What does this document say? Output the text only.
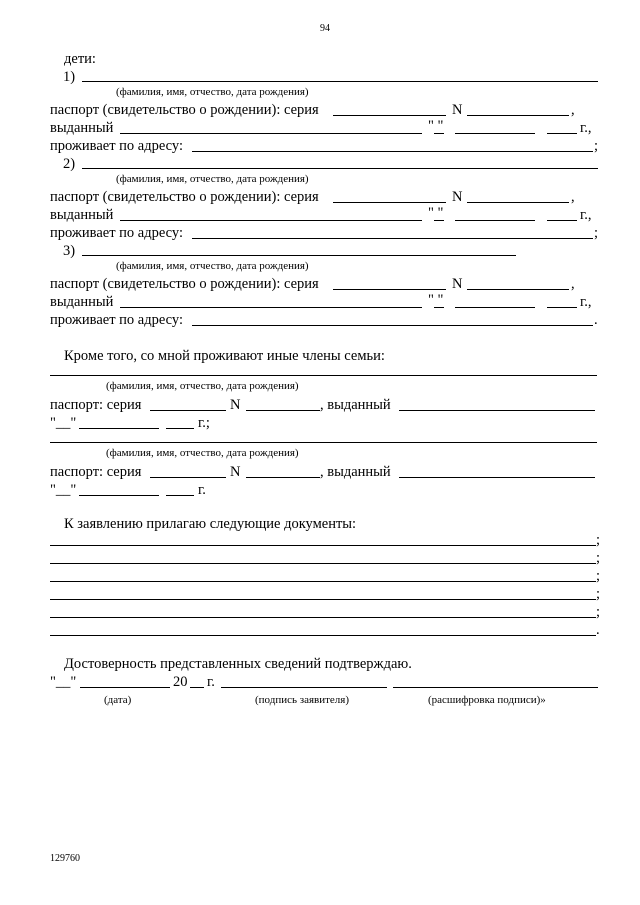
94
дети:
1)
(фамилия, имя, отчество, дата рождения)
паспорт (свидетельство о рождении): серия	N	,
выданный	" "	г.,
проживает по адресу:	;
2)
(фамилия, имя, отчество, дата рождения)
паспорт (свидетельство о рождении): серия	N	,
выданный	" "	г.,
проживает по адресу:	;
3)
(фамилия, имя, отчество, дата рождения)
паспорт (свидетельство о рождении): серия	N	,
выданный	" "	г.,
проживает по адресу:	.
Кроме того, со мной проживают иные члены семьи:
(фамилия, имя, отчество, дата рождения)
паспорт: серия	N	, выданный
"__"	г.;
(фамилия, имя, отчество, дата рождения)
паспорт: серия	N	, выданный
"__"	г.
К заявлению прилагаю следующие документы:
;
;
;
;
;
.
Достоверность представленных сведений подтверждаю.
"__"	20 г.
(дата)	(подпись заявителя)	(расшифровка подписи)»
129760
